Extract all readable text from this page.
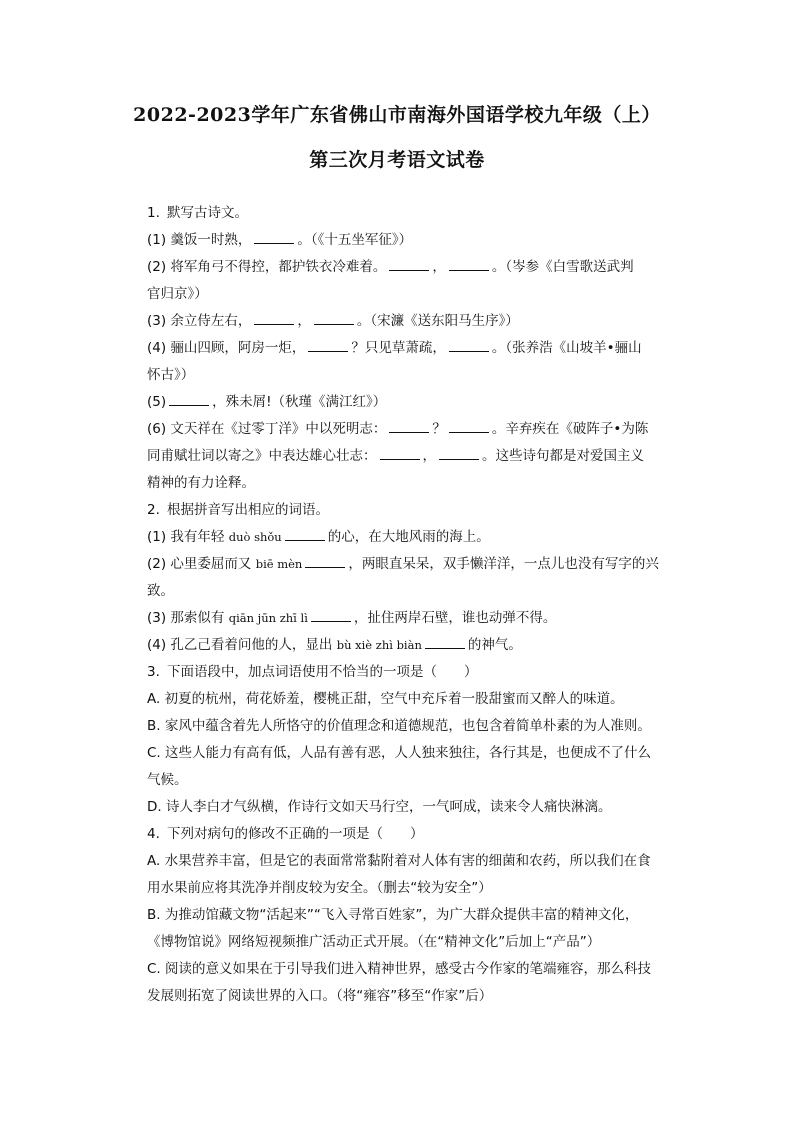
2022-2023学年广东省佛山市南海外国语学校九年级（上）
第三次月考语文试卷
1. 默写古诗文。
(1) 羹饭一时熟，	。（《十五坐军征》）
(2) 将军角弓不得控，都护铁衣冷难着。	，	。（岑参《白雪歌送武判
官归京》）
(3) 余立侍左右，	，	。（宋濂《送东阳马生序》）
(4) 骊山四顾，阿房一炬，	？只见草萧疏，	。（张养浩《山坡羊•骊山
怀古》）
(5)	，殊未屑!（秋瑾《满江红》）
(6) 文天祥在《过零丁洋》中以死明志：	？	。辛弃疾在《破阵子•为陈
同甫赋壮词以寄之》中表达雄心壮志：	，	。这些诗句都是对爱国主义
精神的有力诠释。
2. 根据拼音写出相应的词语。
(1) 我有年轻 duò shǒu	的心，在大地风雨的海上。
(2) 心里委屈而又 biē mèn	，两眼直呆呆，双手懒洋洋，一点儿也没有写字的兴
致。
(3) 那索似有 qiān jūn zhī lì	，扯住两岸石壁，谁也动弹不得。
(4) 孔乙己看着问他的人，显出 bù xiè zhì biàn	的神气。
3. 下面语段中，加点词语使用不恰当的一项是（　　）
A. 初夏的杭州，荷花娇羞，樱桃正甜，空气中充斥着一股甜蜜而又醉人的味道。
B. 家风中蕴含着先人所恪守的价值理念和道德规范，也包含着简单朴素的为人准则。
C. 这些人能力有高有低，人品有善有恶，人人独来独往，各行其是，也便成不了什么
气候。
D. 诗人李白才气纵横，作诗行文如天马行空，一气呵成，读来令人痛快淋漓。
4. 下列对病句的修改不正确的一项是（　　）
A. 水果营养丰富，但是它的表面常常黏附着对人体有害的细菌和农药，所以我们在食
用水果前应将其洗净并削皮较为安全。（删去“较为安全”）
B. 为推动馆藏文物“活起来”“飞入寻常百姓家”，为广大群众提供丰富的精神文化，
《博物馆说》网络短视频推广活动正式开展。（在“精神文化”后加上“产品”）
C. 阅读的意义如果在于引导我们进入精神世界，感受古今作家的笔端雍容，那么科技
发展则拓宽了阅读世界的入口。（将“雍容”移至“作家”后）
